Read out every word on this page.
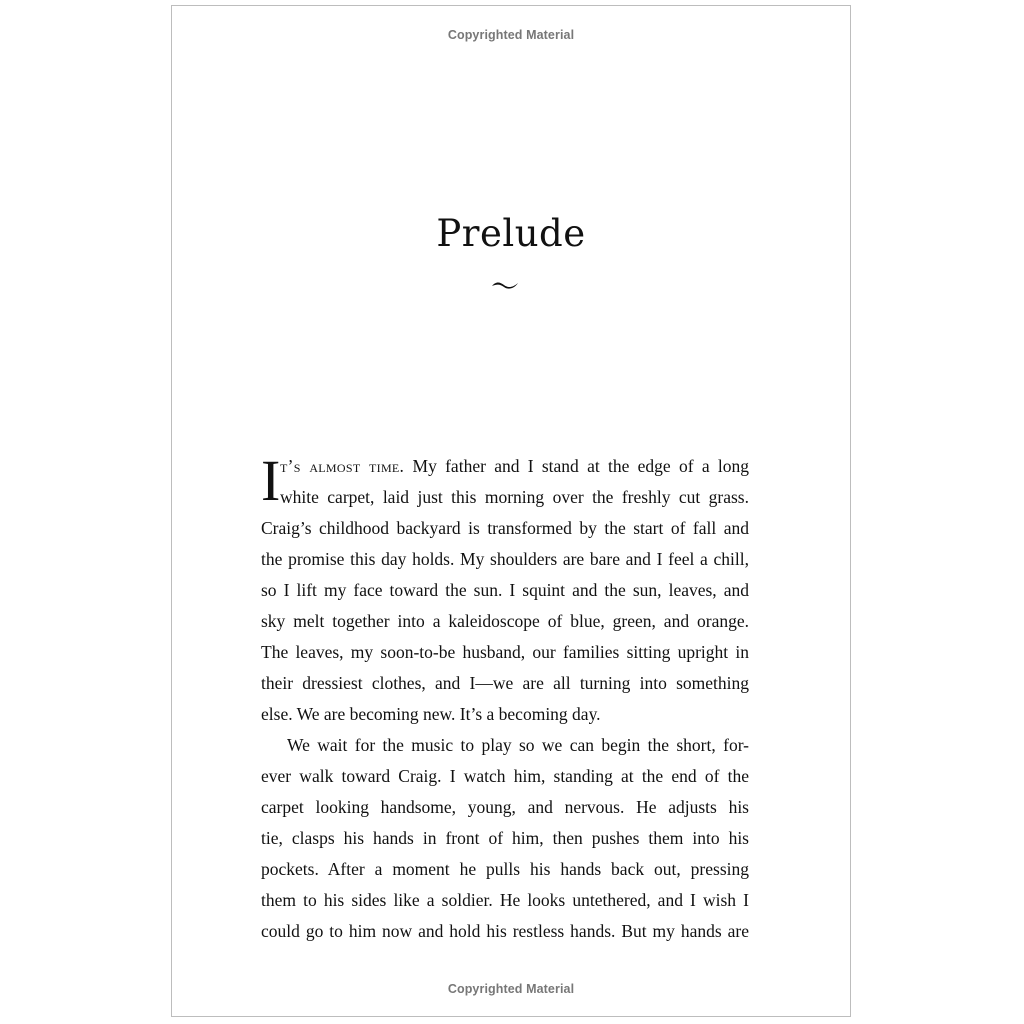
Copyrighted Material
Prelude
I t’s almost time. My father and I stand at the edge of a long
white carpet, laid just this morning over the freshly cut grass.
Craig’s childhood backyard is transformed by the start of fall and
the promise this day holds. My shoulders are bare and I feel a chill,
so I lift my face toward the sun. I squint and the sun, leaves, and
sky melt together into a kaleidoscope of blue, green, and orange.
The leaves, my soon-to-be husband, our families sitting upright in
their dressiest clothes, and I—we are all turning into something
else. We are becoming new. It’s a becoming day.
We wait for the music to play so we can begin the short, for-
ever walk toward Craig. I watch him, standing at the end of the
carpet looking handsome, young, and nervous. He adjusts his
tie, clasps his hands in front of him, then pushes them into his
pockets. After a moment he pulls his hands back out, pressing
them to his sides like a soldier. He looks untethered, and I wish I
could go to him now and hold his restless hands. But my hands are
Copyrighted Material
